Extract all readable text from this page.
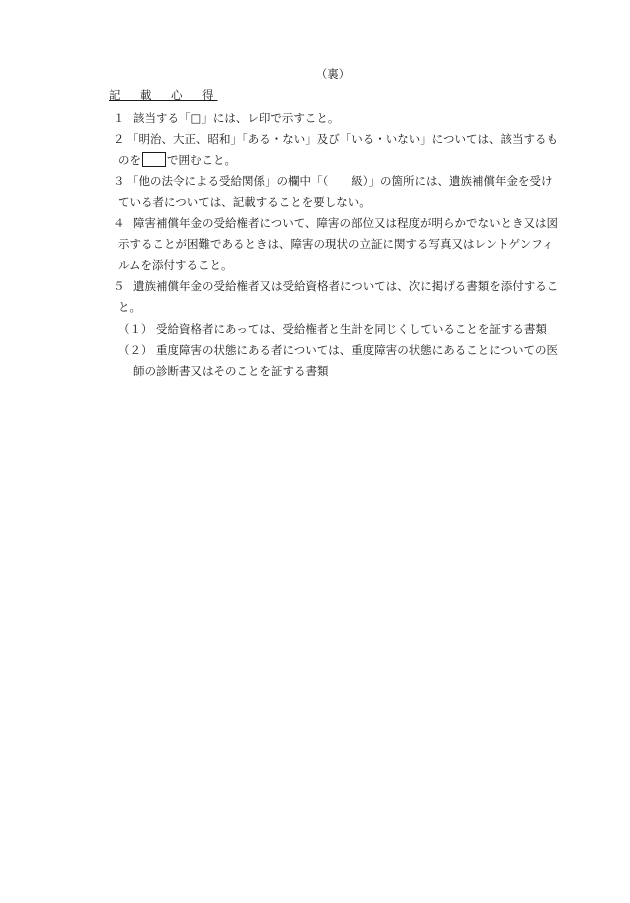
（裏）
記　載　心　得
１ 該当する「□」には、レ印で示すこと。
２ 「明治、大正、昭和」「ある・ない」及び「いる・いない」については、該当するも
のを で囲むこと。
３ 「他の法令による受給関係」の欄中「（　　級）」の箇所には、遺族補償年金を受け
ている者については、記載することを要しない。
４ 障害補償年金の受給権者について、障害の部位又は程度が明らかでないとき又は図
示することが困難であるときは、障害の現状の立証に関する写真又はレントゲンフィ
ルムを添付すること。
５ 遺族補償年金の受給権者又は受給資格者については、次に掲げる書類を添付するこ
と。
（１） 受給資格者にあっては、受給権者と生計を同じくしていることを証する書類
（２） 重度障害の状態にある者については、重度障害の状態にあることについての医
師の診断書又はそのことを証する書類
